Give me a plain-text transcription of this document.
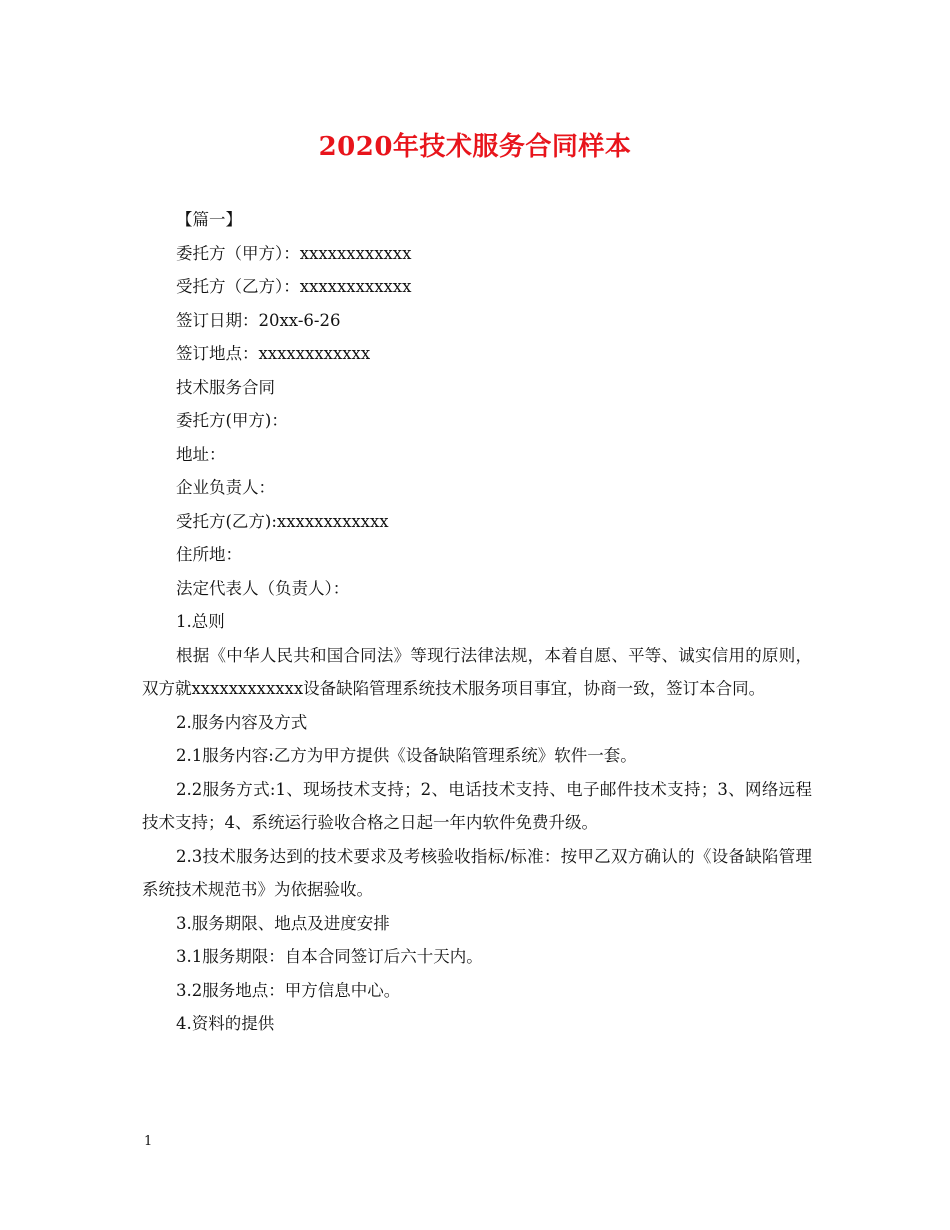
2020年技术服务合同样本
【篇一】
委托方（甲方）：xxxxxxxxxxxx
受托方（乙方）：xxxxxxxxxxxx
签订日期：20xx-6-26
签订地点：xxxxxxxxxxxx
技术服务合同
委托方(甲方)：
地址：
企业负责人：
受托方(乙方):xxxxxxxxxxxx
住所地：
法定代表人（负责人）：
1.总则
根据《中华人民共和国合同法》等现行法律法规，本着自愿、平等、诚实信用的原则，双方就xxxxxxxxxxxx设备缺陷管理系统技术服务项目事宜，协商一致，签订本合同。
2.服务内容及方式
2.1服务内容:乙方为甲方提供《设备缺陷管理系统》软件一套。
2.2服务方式:1、现场技术支持；2、电话技术支持、电子邮件技术支持；3、网络远程技术支持；4、系统运行验收合格之日起一年内软件免费升级。
2.3技术服务达到的技术要求及考核验收指标/标准：按甲乙双方确认的《设备缺陷管理系统技术规范书》为依据验收。
3.服务期限、地点及进度安排
3.1服务期限：自本合同签订后六十天内。
3.2服务地点：甲方信息中心。
4.资料的提供
1
